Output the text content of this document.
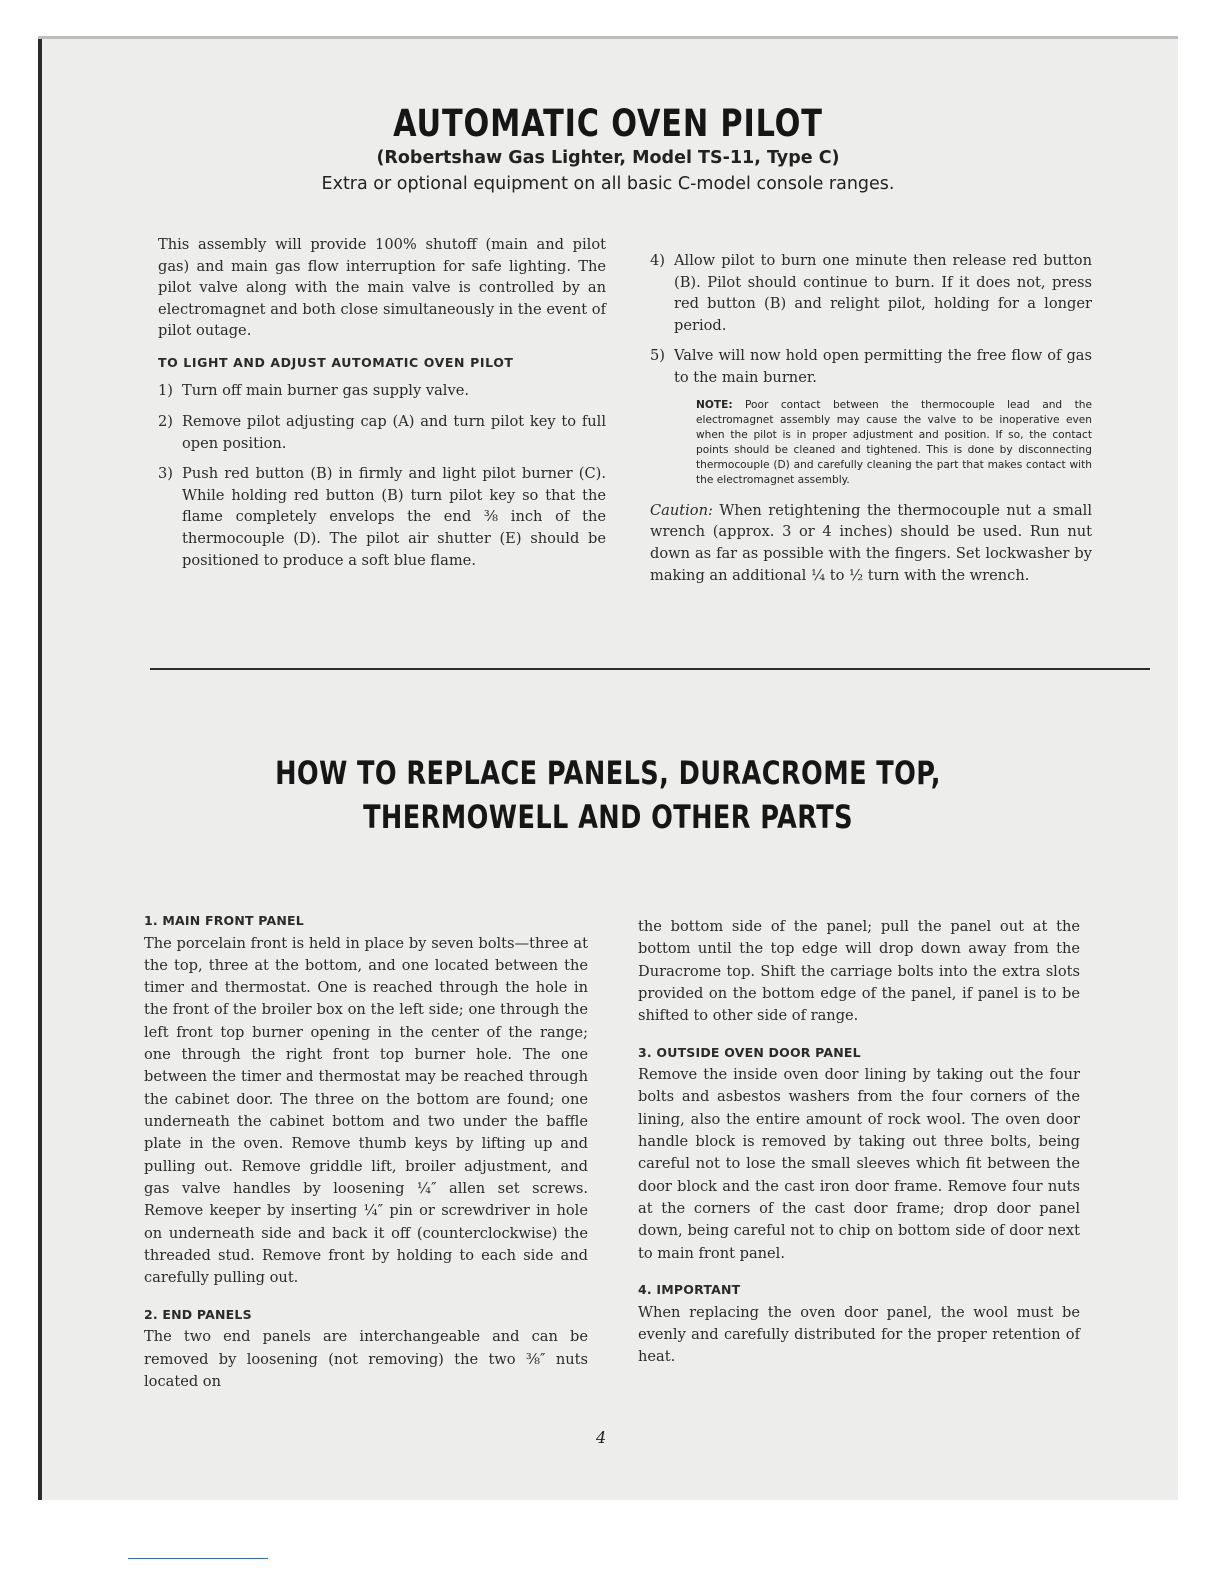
AUTOMATIC OVEN PILOT
(Robertshaw Gas Lighter, Model TS-11, Type C)
Extra or optional equipment on all basic C-model console ranges.

This assembly will provide 100% shutoff (main and pilot gas) and main gas flow interruption for safe lighting. The pilot valve along with the main valve is controlled by an electromagnet and both close simultaneously in the event of pilot outage.

TO LIGHT AND ADJUST AUTOMATIC OVEN PILOT
1) Turn off main burner gas supply valve.
2) Remove pilot adjusting cap (A) and turn pilot key to full open position.
3) Push red button (B) in firmly and light pilot burner (C). While holding red button (B) turn pilot key so that the flame completely envelops the end ⅜ inch of the thermocouple (D). The pilot air shutter (E) should be positioned to produce a soft blue flame.
4) Allow pilot to burn one minute then release red button (B). Pilot should continue to burn. If it does not, press red button (B) and relight pilot, holding for a longer period.
5) Valve will now hold open permitting the free flow of gas to the main burner.
NOTE: Poor contact between the thermocouple lead and the electromagnet assembly may cause the valve to be inoperative even when the pilot is in proper adjustment and position. If so, the contact points should be cleaned and tightened. This is done by disconnecting thermocouple (D) and carefully cleaning the part that makes contact with the electromagnet assembly.

Caution: When retightening the thermocouple nut a small wrench (approx. 3 or 4 inches) should be used. Run nut down as far as possible with the fingers. Set lockwasher by making an additional ¼ to ½ turn with the wrench.

HOW TO REPLACE PANELS, DURACROME TOP,
THERMOWELL AND OTHER PARTS
1. MAIN FRONT PANEL
The porcelain front is held in place by seven bolts—three at the top, three at the bottom, and one located between the timer and thermostat. One is reached through the hole in the front of the broiler box on the left side; one through the left front top burner opening in the center of the range; one through the right front top burner hole. The one between the timer and thermostat may be reached through the cabinet door. The three on the bottom are found; one underneath the cabinet bottom and two under the baffle plate in the oven. Remove thumb keys by lifting up and pulling out. Remove griddle lift, broiler adjustment, and gas valve handles by loosening ¼″ allen set screws. Remove keeper by inserting ¼″ pin or screwdriver in hole on underneath side and back it off (counterclockwise) the threaded stud. Remove front by holding to each side and carefully pulling out.
2. END PANELS
The two end panels are interchangeable and can be removed by loosening (not removing) the two ⅜″ nuts located on
the bottom side of the panel; pull the panel out at the bottom until the top edge will drop down away from the Duracrome top. Shift the carriage bolts into the extra slots provided on the bottom edge of the panel, if panel is to be shifted to other side of range.
3. OUTSIDE OVEN DOOR PANEL
Remove the inside oven door lining by taking out the four bolts and asbestos washers from the four corners of the lining, also the entire amount of rock wool. The oven door handle block is removed by taking out three bolts, being careful not to lose the small sleeves which fit between the door block and the cast iron door frame. Remove four nuts at the corners of the cast door frame; drop door panel down, being careful not to chip on bottom side of door next to main front panel.
4. IMPORTANT
When replacing the oven door panel, the wool must be evenly and carefully distributed for the proper retention of heat.
4
